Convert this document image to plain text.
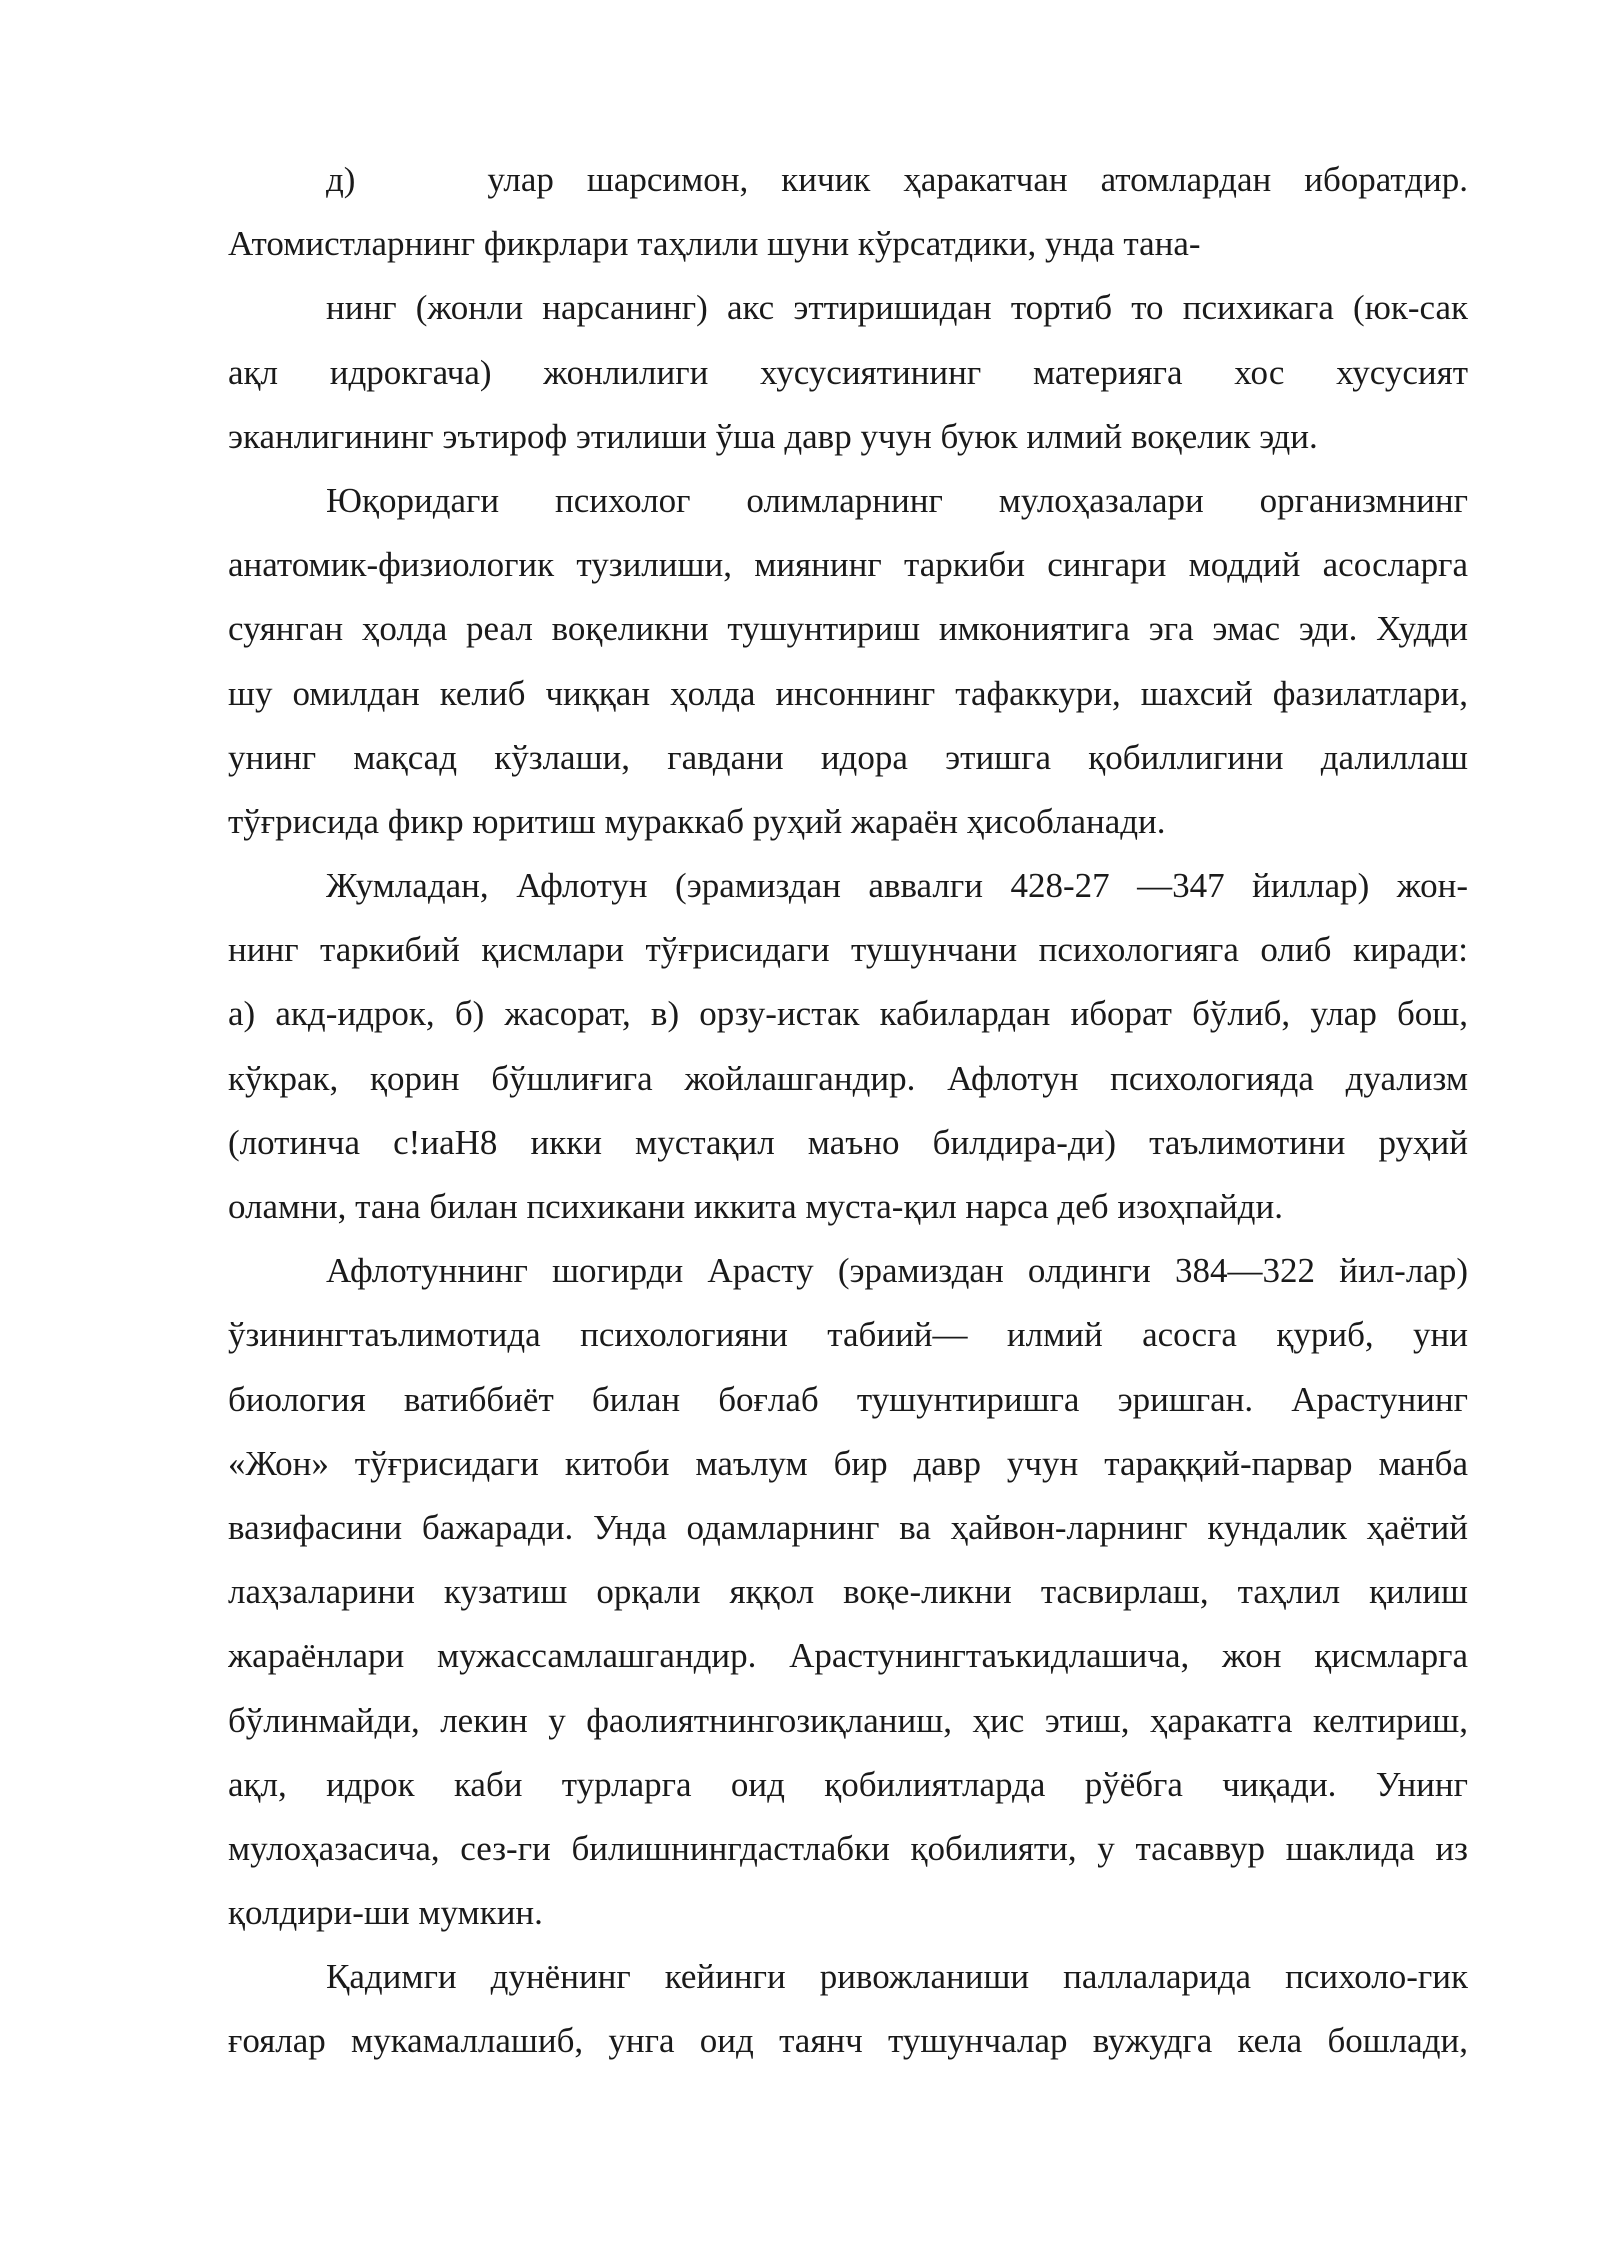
д)    улар шарсимон, кичик ҳаракатчан атомлардан иборатдир.
Атомистларнинг фикрлари таҳлили шуни кўрсатдики, унда тана-
нинг (жонли нарсанинг) акс эттиришидан тортиб то психикага (юк-сак
ақл идрокгача) жонлилиги хусусиятининг материяга хос хусусият
эканлигининг эътироф этилиши ўша давр учун буюк илмий воқелик эди.
Юқоридаги психолог олимларнинг мулоҳазалари организмнинг
анатомик-физиологик тузилиши, миянинг таркиби сингари моддий асосларга
суянган ҳолда реал воқеликни тушунтириш имкониятига эга эмас эди. Худди
шу омилдан келиб чиққан ҳолда инсоннинг тафаккури, шахсий фазилатлари,
унинг мақсад кўзлаши, гавдани идора этишга қобиллигини далиллаш
тўғрисида фикр юритиш мураккаб руҳий жараён ҳисобланади.
Жумладан, Афлотун (эрамиздан аввалги 428-27 —347 йиллар) жон-
нинг таркибий қисмлари тўғрисидаги тушунчани психологияга олиб киради:
а) акд-идрок, б) жасорат, в) орзу-истак кабилардан иборат бўлиб, улар бош,
кўкрак, қорин бўшлиғига жойлашгандир. Афлотун психологияда дуализм
(лотинча с!иаН8 икки мустақил маъно билдира-ди) таълимотини руҳий
оламни, тана билан психикани иккита муста-қил нарса деб изоҳпайди.
Афлотуннинг шогирди Арасту (эрамиздан олдинги 384—322 йил-лар)
ўзинингтаълимотида психологияни табиий— илмий асосга қуриб, уни
биология ватиббиёт билан боғлаб тушунтиришга эришган. Арастунинг
«Жон» тўғрисидаги китоби маълум бир давр учун тараққий-парвар манба
вазифасини бажаради. Унда одамларнинг ва ҳайвон-ларнинг кундалик ҳаётий
лаҳзаларини кузатиш орқали яққол воқе-ликни тасвирлаш, таҳлил қилиш
жараёнлари мужассамлашгандир. Арастунингтаъкидлашича, жон қисмларга
бўлинмайди, лекин у фаолиятнингозиқланиш, ҳис этиш, ҳаракатга келтириш,
ақл, идрок каби турларга оид қобилиятларда рўёбга чиқади. Унинг
мулоҳазасича, сез-ги билишнингдастлабки қобилияти, у тасаввур шаклида из
қолдири-ши мумкин.
Қадимги дунёнинг кейинги ривожланиши паллаларида психоло-гик
ғоялар мукамаллашиб, унга оид таянч тушунчалар вужудга кела бошлади,
